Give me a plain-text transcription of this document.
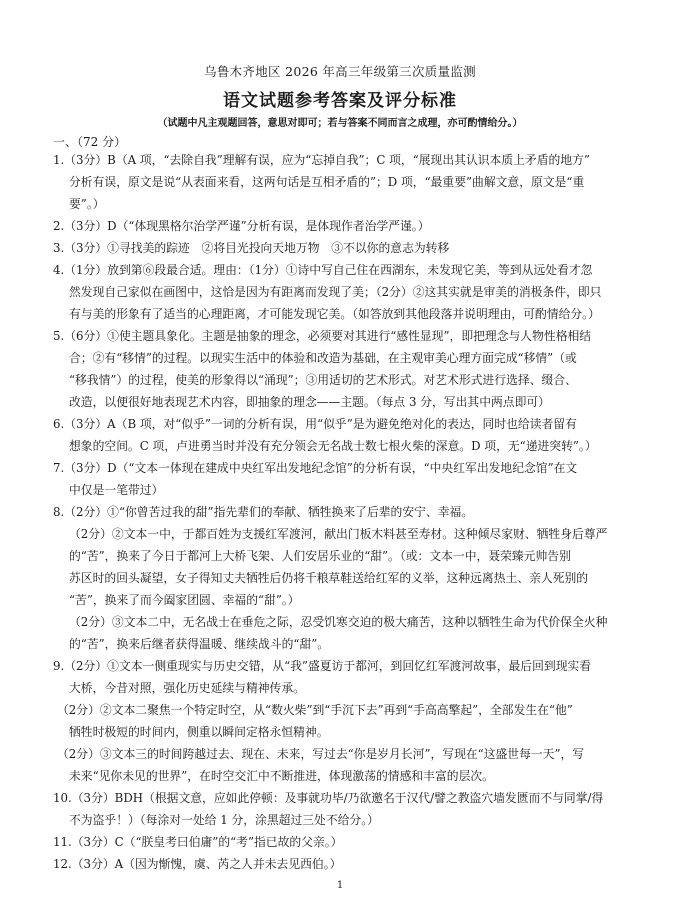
乌鲁木齐地区 2026 年高三年级第三次质量监测
语文试题参考答案及评分标准
（试题中凡主观题回答，意思对即可；若与答案不同而言之成理，亦可酌情给分。）
一、（72 分）
1.（3分）B（A 项，“去除自我”理解有误，应为“忘掉自我”；C 项，“展现出其认识本质上矛盾的地方”
分析有误，原文是说“从表面来看，这两句话是互相矛盾的”；D 项，“最重要”曲解文意，原文是“重
要”。）
2.（3分）D（“体现黑格尔治学严谨”分析有误，是体现作者治学严谨。）
3.（3分）①寻找美的踪迹　②将目光投向天地万物　③不以你的意志为转移
4.（1分）放到第⑥段最合适。理由：（1分）①诗中写自己住在西湖东，未发现它美，等到从远处看才忽
然发现自己家似在画图中，这恰是因为有距离而发现了美；（2分）②这其实就是审美的消极条件，即只
有与美的形象有了适当的心理距离，才可能发现它美。（如答放到其他段落并说明理由，可酌情给分。）
5.（6分）①使主题具象化。主题是抽象的理念，必须要对其进行“感性显现”，即把理念与人物性格相结
合；②有“移情”的过程。以现实生活中的体验和改造为基础，在主观审美心理方面完成“移情”（或
“移我情”）的过程，使美的形象得以“涌现”；③用适切的艺术形式。对艺术形式进行选择、缀合、
改造，以便很好地表现艺术内容，即抽象的理念——主题。（每点 3 分，写出其中两点即可）
6.（3分）A（B 项，对“似乎”一词的分析有误，用“似乎”是为避免绝对化的表达，同时也给读者留有
想象的空间。C 项，卢进勇当时并没有充分领会无名战士数七根火柴的深意。D 项，无“递进突转”。）
7.（3分）D（“文本一体现在建成中央红军出发地纪念馆”的分析有误，“中央红军出发地纪念馆”在文
中仅是一笔带过）
8.（2分）①“你曾苦过我的甜”指先辈们的奉献、牺牲换来了后辈的安宁、幸福。
（2分）②文本一中，于都百姓为支援红军渡河，献出门板木料甚至寿材。这种倾尽家财、牺牲身后尊严
的“苦”，换来了今日于都河上大桥飞架、人们安居乐业的“甜”。（或：文本一中，聂荣臻元帅告别
苏区时的回头凝望，女子得知丈夫牺牲后仍将千粮草鞋送给红军的义举，这种远离热土、亲人死别的
“苦”，换来了而今阖家团圆、幸福的“甜”。）
（2分）③文本二中，无名战士在垂危之际，忍受饥寒交迫的极大痛苦，这种以牺牲生命为代价保全火种
的“苦”，换来后继者获得温暖、继续战斗的“甜”。
9.（2分）①文本一侧重现实与历史交错，从“我”盛夏访于都河，到回忆红军渡河故事，最后回到现实看
大桥，今昔对照，强化历史延续与精神传承。
（2分）②文本二聚焦一个特定时空，从“数火柴”到“手沉下去”再到“手高高擎起”，全部发生在“他”
牺牲时极短的时间内，侧重以瞬间定格永恒精神。
（2分）③文本三的时间跨越过去、现在、未来，写过去“你是岁月长河”，写现在“这盛世每一天”，写
未来“见你未见的世界”，在时空交汇中不断推进，体现激荡的情感和丰富的层次。
10.（3分）BDH（根据文意，应如此停顿：及事就功毕/乃欲邀名于汉代/譬之教盗穴墙发匮而不与同掌/得
不为盗乎！）（每涂对一处给 1 分，涂黑超过三处不给分。）
11.（3分）C（“朕皇考曰伯庸”的“考”指已故的父亲。）
12.（3分）A（因为惭愧，虞、芮之人并未去见西伯。）
1
